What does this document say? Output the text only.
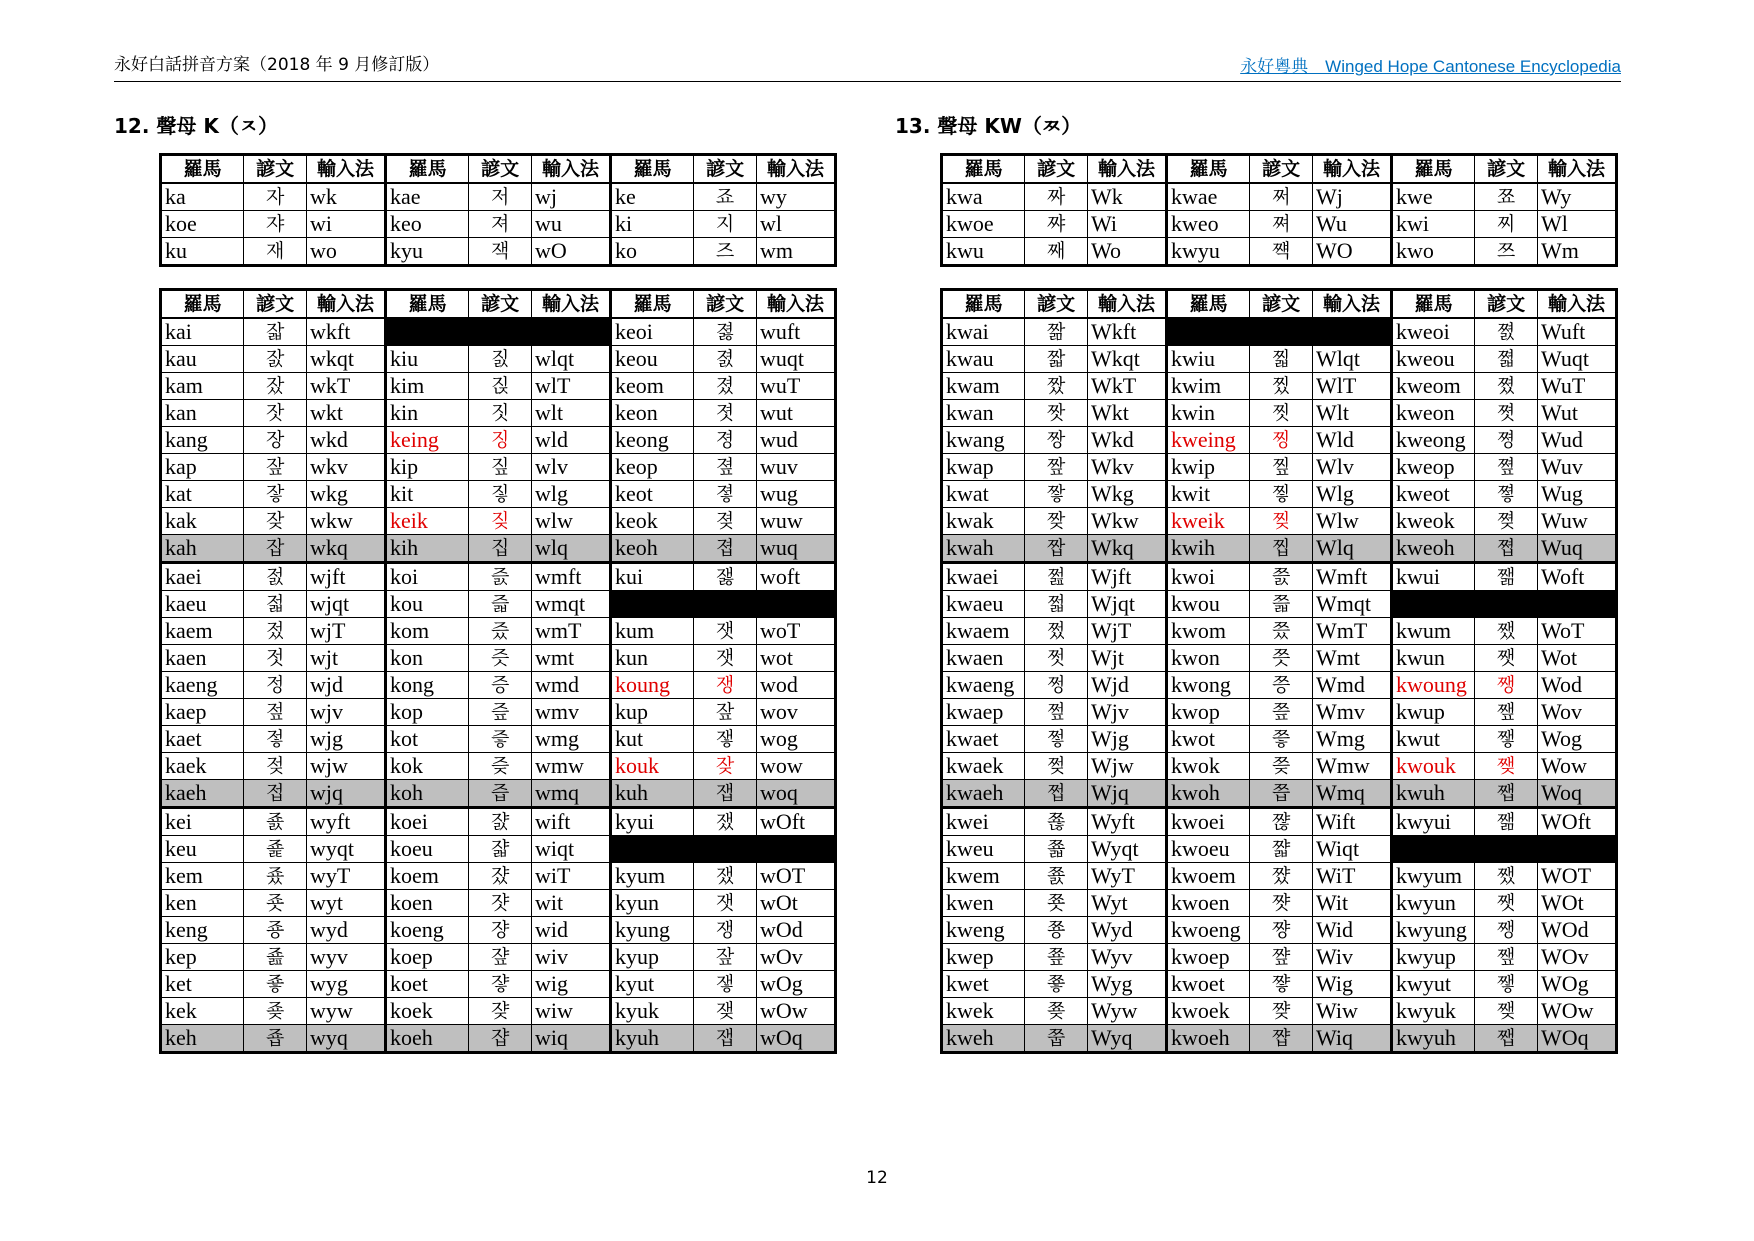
永好白話拼音方案（2018 年 9 月修訂版）	永好粵典　Winged Hope Cantonese Encyclopedia
12. 聲母 K（ㅈ）	13. 聲母 KW（ㅉ）
羅馬	諺文	輸入法	羅馬	諺文	輸入法	羅馬	諺文	輸入法
ka	자	wk	kae	저	wj	ke	죠	wy
koe	쟈	wi	keo	져	wu	ki	지	wl
ku	재	wo	kyu	잭	wO	ko	즈	wm
羅馬	諺文	輸入法	羅馬	諺文	輸入法	羅馬	諺文	輸入法
kai	잛	wkft				keoi	졇	wuft
kau	잜	wkqt	kiu	짌	wlqt	keou	졄	wuqt
kam	잤	wkT	kim	짅	wlT	keom	졌	wuT
kan	잣	wkt	kin	짓	wlt	keon	졋	wut
kang	장	wkd	keing	징	wld	keong	졍	wud
kap	잪	wkv	kip	짚	wlv	keop	졒	wuv
kat	잫	wkg	kit	짛	wlg	keot	졓	wug
kak	잦	wkw	keik	짖	wlw	keok	졎	wuw
kah	잡	wkq	kih	집	wlq	keoh	졉	wuq
kaei	젌	wjft	koi	즔	wmft	kui	잻	woft
kaeu	젋	wjqt	kou	즓	wmqt			
kaem	젔	wjT	kom	즜	wmT	kum	잿	woT
kaen	젓	wjt	kon	즛	wmt	kun	잿	wot
kaeng	정	wjd	kong	증	wmd	koung	쟁	wod
kaep	젚	wjv	kop	즢	wmv	kup	잪	wov
kaet	젛	wjg	kot	즣	wmg	kut	쟇	wog
kaek	젖	wjw	kok	즞	wmw	kouk	잦	wow
kaeh	접	wjq	koh	즙	wmq	kuh	잽	woq
kei	죬	wyft	koei	쟔	wift	kyui	쟀	wOft
keu	죭	wyqt	koeu	쟓	wiqt			
kem	죴	wyT	koem	쟜	wiT	kyum	쟀	wOT
ken	죳	wyt	koen	쟛	wit	kyun	잿	wOt
keng	죵	wyd	koeng	쟝	wid	kyung	쟁	wOd
kep	죮	wyv	koep	쟢	wiv	kyup	잪	wOv
ket	죻	wyg	koet	쟣	wig	kyut	쟇	wOg
kek	죶	wyw	koek	쟞	wiw	kyuk	쟂	wOw
keh	죱	wyq	koeh	쟙	wiq	kyuh	잽	wOq
羅馬	諺文	輸入法	羅馬	諺文	輸入法	羅馬	諺文	輸入法
kwa	짜	Wk	kwae	쩌	Wj	kwe	쬬	Wy
kwoe	쨔	Wi	kweo	쪄	Wu	kwi	찌	Wl
kwu	째	Wo	kwyu	쨱	WO	kwo	쯔	Wm
羅馬	諺文	輸入法	羅馬	諺文	輸入法	羅馬	諺文	輸入法
kwai	짦	Wkft				kweoi	쪐	Wuft
kwau	짧	Wkqt	kwiu	찗	Wlqt	kweou	쪏	Wuqt
kwam	짰	WkT	kwim	찠	WlT	kweom	쪘	WuT
kwan	짯	Wkt	kwin	찟	Wlt	kweon	쪗	Wut
kwang	짱	Wkd	kweing	찡	Wld	kweong	쪙	Wud
kwap	짶	Wkv	kwip	찦	Wlv	kweop	쪞	Wuv
kwat	짷	Wkg	kwit	찧	Wlg	kweot	쪟	Wug
kwak	짲	Wkw	kweik	찢	Wlw	kweok	쪚	Wuw
kwah	짭	Wkq	kwih	찝	Wlq	kweoh	쪕	Wuq
kwaei	쩚	Wjft	kwoi	쯠	Wmft	kwui	쨂	Woft
kwaeu	쩗	Wjqt	kwou	쯟	Wmqt			
kwaem	쩠	WjT	kwom	쯨	WmT	kwum	쨌	WoT
kwaen	쩟	Wjt	kwon	쯧	Wmt	kwun	쨋	Wot
kwaeng	쩡	Wjd	kwong	쯩	Wmd	kwoung	쨍	Wod
kwaep	쩦	Wjv	kwop	쯮	Wmv	kwup	쨒	Wov
kwaet	쩧	Wjg	kwot	쯯	Wmg	kwut	쨓	Wog
kwaek	쩢	Wjw	kwok	쯪	Wmw	kwouk	쨎	Wow
kwaeh	쩝	Wjq	kwoh	쯥	Wmq	kwuh	쨉	Woq
kwei	쬲	Wyft	kwoei	쨚	Wift	kwyui	쨂	WOft
kweu	쬷	Wyqt	kwoeu	쨟	Wiqt			
kwem	쬸	WyT	kwoem	쨨	WiT	kwyum	쨌	WOT
kwen	쬿	Wyt	kwoen	쨧	Wit	kwyun	쨋	WOt
kweng	쭁	Wyd	kwoeng	쨩	Wid	kwyung	쨍	WOd
kwep	쭆	Wyv	kwoep	쨮	Wiv	kwyup	쨒	WOv
kwet	쭇	Wyg	kwoet	쨯	Wig	kwyut	쨓	WOg
kwek	쭂	Wyw	kwoek	쨪	Wiw	kwyuk	쨎	WOw
kweh	쭙	Wyq	kwoeh	쨥	Wiq	kwyuh	쨉	WOq
12
